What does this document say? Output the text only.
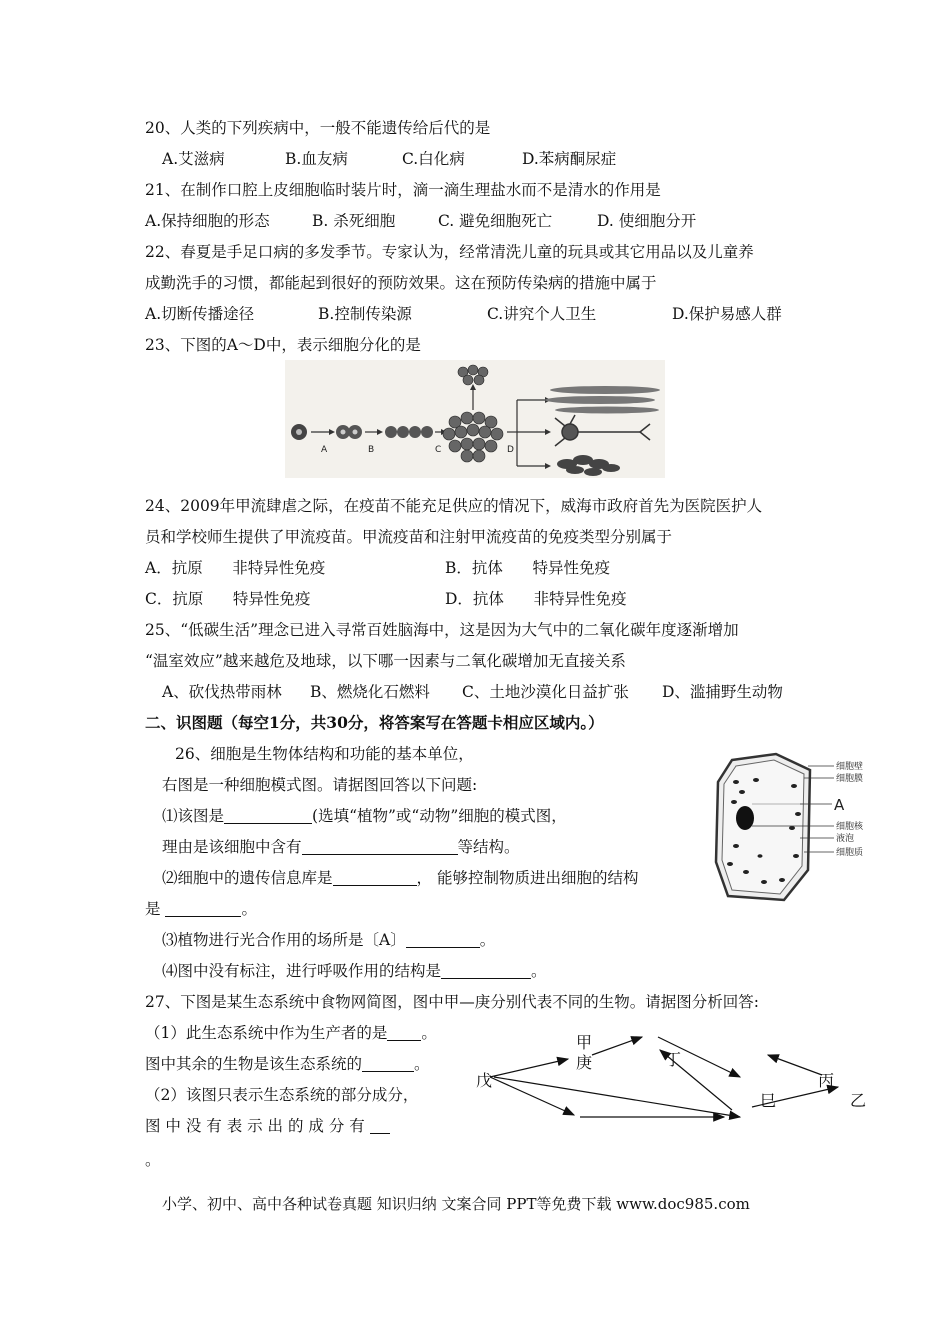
20、人类的下列疾病中，一般不能遗传给后代的是
A.艾滋病	B.血友病	C.白化病	D.苯病酮尿症
21、在制作口腔上皮细胞临时装片时，滴一滴生理盐水而不是清水的作用是
A.保持细胞的形态	B. 杀死细胞	C. 避免细胞死亡	D. 使细胞分开
22、春夏是手足口病的多发季节。专家认为，经常清洗儿童的玩具或其它用品以及儿童养
成勤洗手的习惯，都能起到很好的预防效果。这在预防传染病的措施中属于
A.切断传播途径	B.控制传染源	C.讲究个人卫生	D.保护易感人群
23、下图的A～D中，表示细胞分化的是
A	B	C	D
24、2009年甲流肆虐之际，在疫苗不能充足供应的情况下，威海市政府首先为医院医护人
员和学校师生提供了甲流疫苗。甲流疫苗和注射甲流疫苗的免疫类型分别属于
A．抗原      非特异性免疫	B．抗体      特异性免疫
C．抗原      特异性免疫	D．抗体      非特异性免疫
25、“低碳生活”理念已进入寻常百姓脑海中，这是因为大气中的二氧化碳年度逐渐增加
“温室效应”越来越危及地球，以下哪一因素与二氧化碳增加无直接关系
A、砍伐热带雨林 B、燃烧化石燃料 C、土地沙漠化日益扩张 D、滥捕野生动物
二、识图题（每空1分，共30分，将答案写在答题卡相应区域内。）
26、细胞是生物体结构和功能的基本单位，
右图是一种细胞模式图。请据图回答以下问题:
⑴该图是	(选填“植物”或“动物”细胞的模式图，
理由是该细胞中含有	等结构。
⑵细胞中的遗传信息库是	， 能够控制物质进出细胞的结构
是	。
⑶植物进行光合作用的场所是〔A〕	。
⑷图中没有标注，进行呼吸作用的结构是	。
细胞壁
细胞膜
A
细胞核
液泡
细胞质
27、下图是某生态系统中食物网简图，图中甲—庚分别代表不同的生物。请据图分析回答:
（1）此生态系统中作为生产者的是 。
图中其余的生物是该生态系统的	。
（2）该图只表示生态系统的部分成分，
图 中 没 有 表 示 出 的 成 分 有
。
甲
庚	丁
丙
戊
巳	乙
小学、初中、高中各种试卷真题 知识归纳 文案合同 PPT等免费下载 www.doc985.com
